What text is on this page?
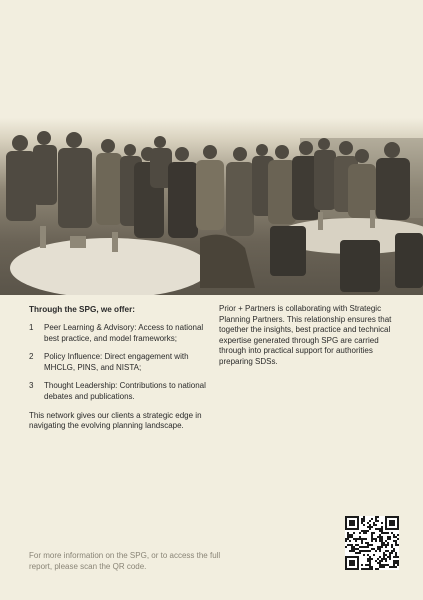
Through the SPG, we offer:

1	Peer Learning & Advisory: Access to national best practice, and model frameworks;
2	Policy Influence: Direct engagement with MHCLG, PINS, and NISTA;
3	Thought Leadership: Contributions to national debates and publications.

This network gives our clients a strategic edge in navigating the evolving planning landscape.

Prior + Partners is collaborating with Strategic Planning Partners. This relationship ensures that together the insights, best practice and technical expertise generated through SPG are carried through into practical support for authorities preparing SDSs.

For more information on the SPG, or to access the full report, please scan the QR code.
